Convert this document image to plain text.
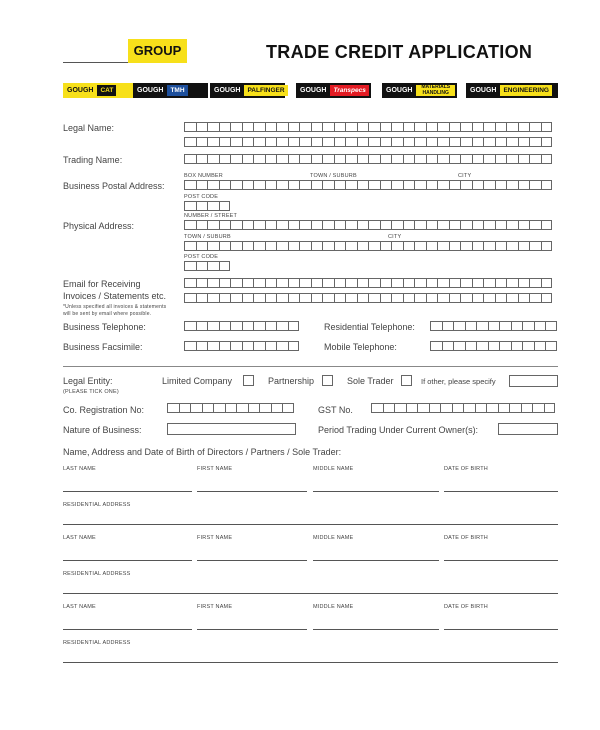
GROUP	TRADE CREDIT APPLICATION
GOUGH	CAT	GOUGH	TMH	GOUGH	PALFINGER	GOUGH	Transpecs	GOUGH	MATERIALS HANDLING	GOUGH	ENGINEERING
Legal Name:
Trading Name:
BOX NUMBER	TOWN / SUBURB	CITY
Business Postal Address:
POST CODE
NUMBER / STREET
Physical Address:
TOWN / SUBURB	CITY
POST CODE
Email for Receiving
Invoices / Statements etc.
*Unless specified all invoices & statements
will be sent by email where possible.
Business Telephone:	Residential Telephone:
Business Facsimile:	Mobile Telephone:
Legal Entity:
(PLEASE TICK ONE)
Limited Company	Partnership	Sole Trader	If other, please specify
Co. Registration No:	GST No.
Nature of Business:	Period Trading Under Current Owner(s):
Name, Address and Date of Birth of Directors / Partners / Sole Trader:
LAST NAME	FIRST NAME	MIDDLE NAME	DATE OF BIRTH
RESIDENTIAL ADDRESS
LAST NAME	FIRST NAME	MIDDLE NAME	DATE OF BIRTH
RESIDENTIAL ADDRESS
LAST NAME	FIRST NAME	MIDDLE NAME	DATE OF BIRTH
RESIDENTIAL ADDRESS
